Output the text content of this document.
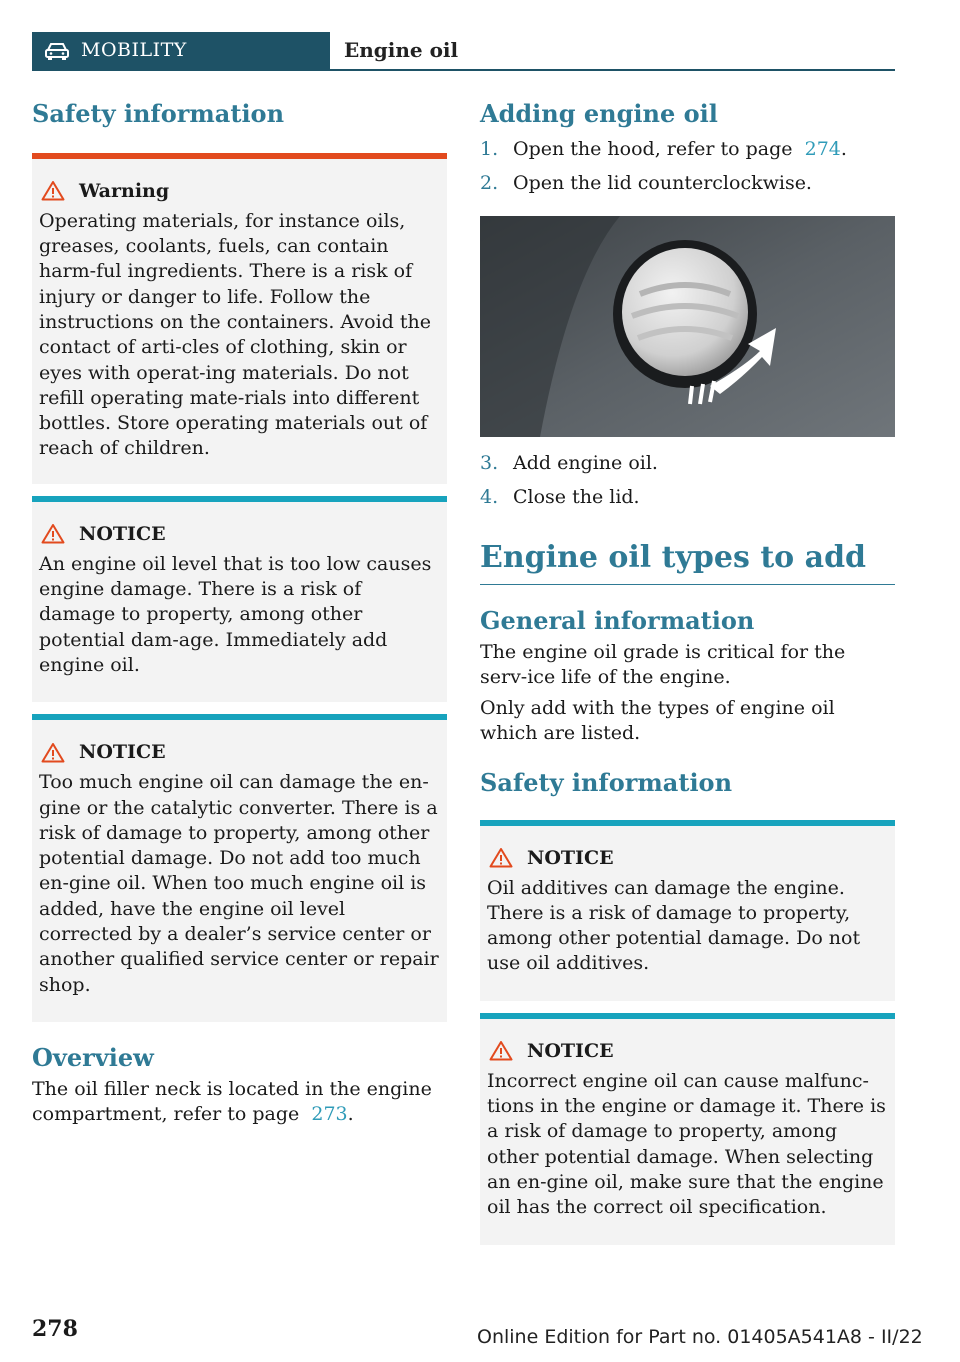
MOBILITY	Engine oil
Safety information
Warning

Operating materials, for instance oils, greases, coolants, fuels, can contain harm-ful ingredients. There is a risk of injury or danger to life. Follow the instructions on the containers. Avoid the contact of arti-cles of clothing, skin or eyes with operat-ing materials. Do not refill operating mate-rials into different bottles. Store operating materials out of reach of children.

NOTICE

An engine oil level that is too low causes engine damage. There is a risk of damage to property, among other potential dam-age. Immediately add engine oil.

NOTICE

Too much engine oil can damage the en-gine or the catalytic converter. There is a risk of damage to property, among other potential damage. Do not add too much en-gine oil. When too much engine oil is added, have the engine oil level corrected by a dealer’s service center or another qualified service center or repair shop.

Overview

The oil filler neck is located in the engine compartment, refer to page 273.

Adding engine oil
1. Open the hood, refer to page 274.
2. Open the lid counterclockwise.
3. Add engine oil.
4. Close the lid.
Engine oil types to add
General information

The engine oil grade is critical for the serv-ice life of the engine.

Only add with the types of engine oil which are listed.

Safety information
NOTICE

Oil additives can damage the engine. There is a risk of damage to property, among other potential damage. Do not use oil additives.

NOTICE

Incorrect engine oil can cause malfunc-tions in the engine or damage it. There is a risk of damage to property, among other potential damage. When selecting an en-gine oil, make sure that the engine oil has the correct oil specification.

278	Online Edition for Part no. 01405A541A8 - II/22
